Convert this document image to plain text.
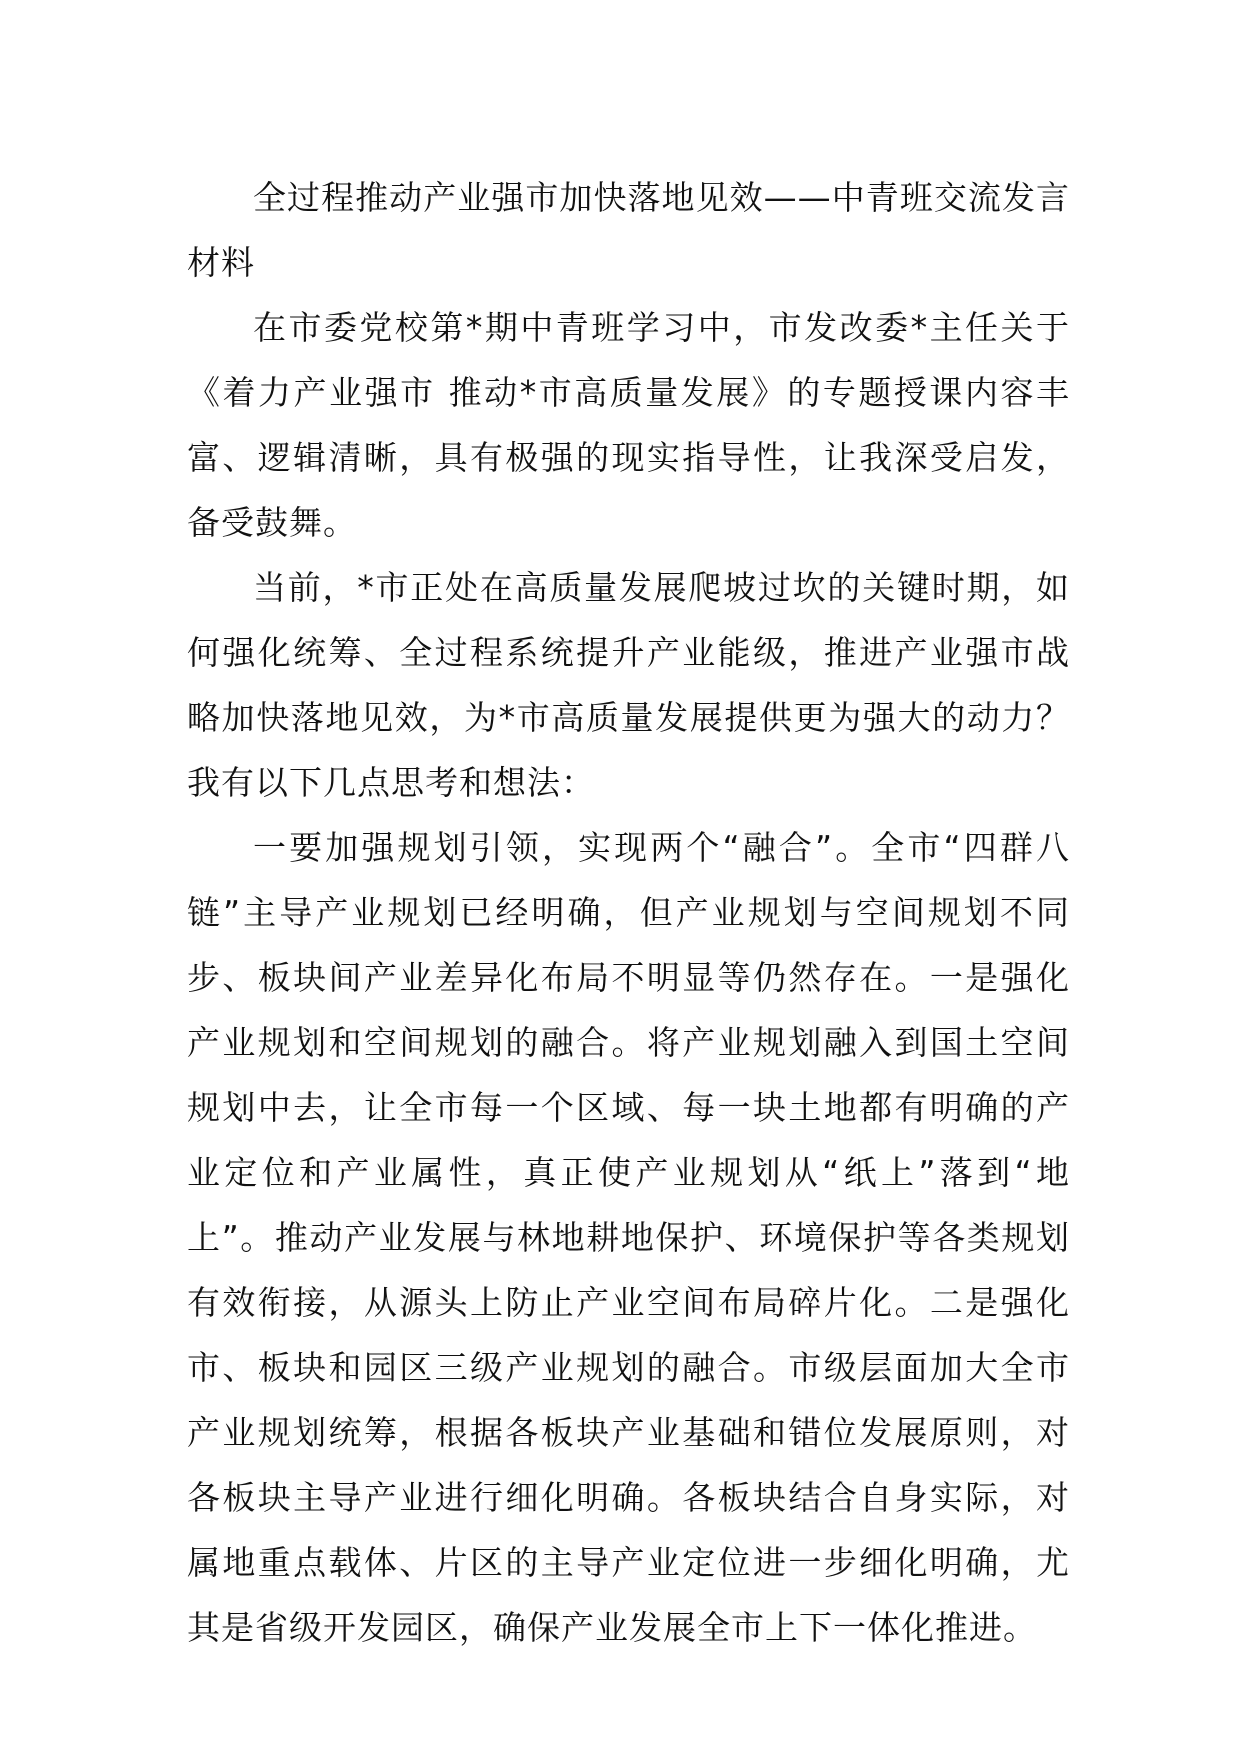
全过程推动产业强市加快落地见效——中青班交流发言材料

在市委党校第*期中青班学习中，市发改委*主任关于《着力产业强市 推动*市高质量发展》的专题授课内容丰富、逻辑清晰，具有极强的现实指导性，让我深受启发，备受鼓舞。

当前，*市正处在高质量发展爬坡过坎的关键时期，如何强化统筹、全过程系统提升产业能级，推进产业强市战略加快落地见效，为*市高质量发展提供更为强大的动力？我有以下几点思考和想法：

一要加强规划引领，实现两个“融合”。全市“四群八链”主导产业规划已经明确，但产业规划与空间规划不同步、板块间产业差异化布局不明显等仍然存在。一是强化产业规划和空间规划的融合。将产业规划融入到国土空间规划中去，让全市每一个区域、每一块土地都有明确的产业定位和产业属性，真正使产业规划从“纸上”落到“地上”。推动产业发展与林地耕地保护、环境保护等各类规划有效衔接，从源头上防止产业空间布局碎片化。二是强化市、板块和园区三级产业规划的融合。市级层面加大全市产业规划统筹，根据各板块产业基础和错位发展原则，对各板块主导产业进行细化明确。各板块结合自身实际，对属地重点载体、片区的主导产业定位进一步细化明确，尤其是省级开发园区，确保产业发展全市上下一体化推进。
